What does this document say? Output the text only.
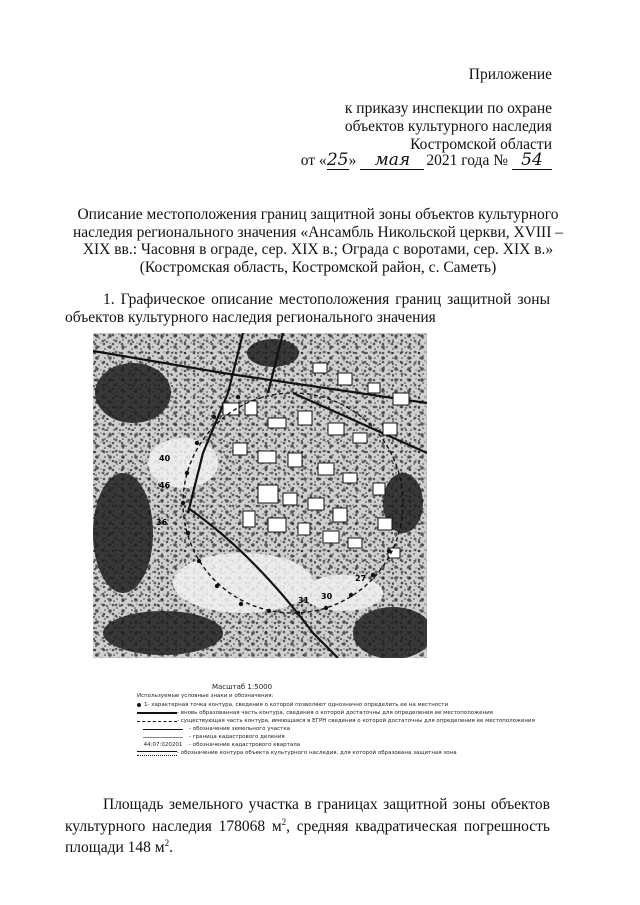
Приложение
к приказу инспекции по охране
объектов культурного наследия
Костромской области
от « 25 »	мая	2021 года № 54
Описание местоположения границ защитной зоны объектов культурного наследия регионального значения «Ансамбль Никольской церкви, XVIII – XIX вв.: Часовня в ограде, сер. XIX в.; Ограда с воротами, сер. XIX в.» (Костромская область, Костромской район, с. Саметь)
1. Графическое описание местоположения границ защитной зоны объектов культурного наследия регионального значения
27
30
31
36
40
46
Масштаб 1:5000
Используемые условные знаки и обозначения:
1 - характерная точка контура, сведения о которой позволяют однозначно определить ее на местности
- вновь образованная часть контура, сведения о которой достаточны для определения ее местоположения
- существующая часть контура, имеющаяся в ЕГРН сведения о которой достаточны для определения ее местоположения
- обозначение земельного участка
- граница кадастрового деления
44:07:020201	- обозначение кадастрового квартала
- обозначение контура объекта культурного наследия, для которой образована защитная зона
Площадь земельного участка в границах защитной зоны объектов культурного наследия 178068 $м^2$, средняя квадратическая погрешность площади 148 $м^2$.
